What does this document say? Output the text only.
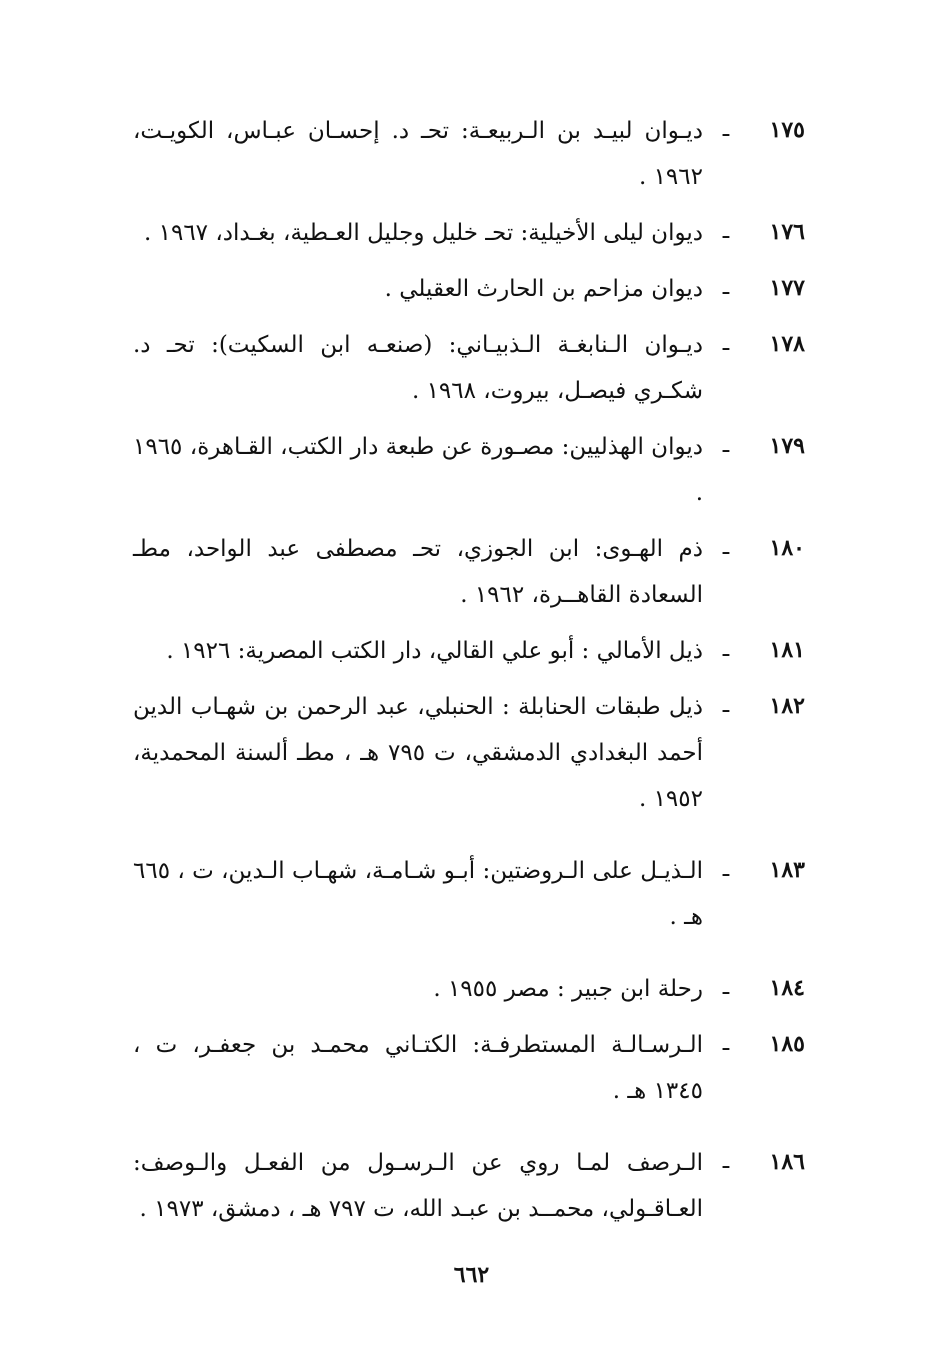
١٧٥
ـ
ديـوان لبيـد بن الـربيعـة: تحـ د. إحسـان عبـاس، الكويـت، ١٩٦٢ .
١٧٦
ـ
ديوان ليلى الأخيلية: تحـ خليل وجليل العـطية، بغـداد، ١٩٦٧ .
١٧٧
ـ
ديوان مزاحم بن الحارث العقيلي .
١٧٨
ـ
ديـوان الـنابغـة الـذبيـاني: (صنعـه ابن السكيت): تحـ د. شكـري فيصـل، بيروت، ١٩٦٨ .
١٧٩
ـ
ديوان الهذليين: مصـورة عن طبعة دار الكتب، القـاهرة، ١٩٦٥ .
١٨٠
ـ
ذم الهـوى: ابن الجوزي، تحـ مصطفى عبد الواحد، مطـ السعادة القاهــرة، ١٩٦٢ .
١٨١
ـ
ذيل الأمالي : أبو علي القالي، دار الكتب المصرية: ١٩٢٦ .
١٨٢
ـ
ذيل طبقات الحنابلة : الحنبلي، عبد الرحمن بن شهـاب الدين أحمد البغدادي الدمشقي، ت ٧٩٥ هـ ، مطـ ألسنة المحمدية، ١٩٥٢ .
١٨٣
ـ
الـذيـل على الـروضتين: أبـو شـامـة، شهـاب الـدين، ت ، ٦٦٥ هـ .
١٨٤
ـ
رحلة ابن جبير : مصر ١٩٥٥ .
١٨٥
ـ
الـرسـالـة المستطرفـة: الكتـاني محمـد بن جعفـر، ت ، ١٣٤٥ هـ .
١٨٦
ـ
الـرصف لمـا روي عن الـرسـول من الفعـل والـوصف: العـاقـولي، محمــد بن عبـد الله، ت ٧٩٧ هـ ، دمشق، ١٩٧٣ .
٦٦٢
